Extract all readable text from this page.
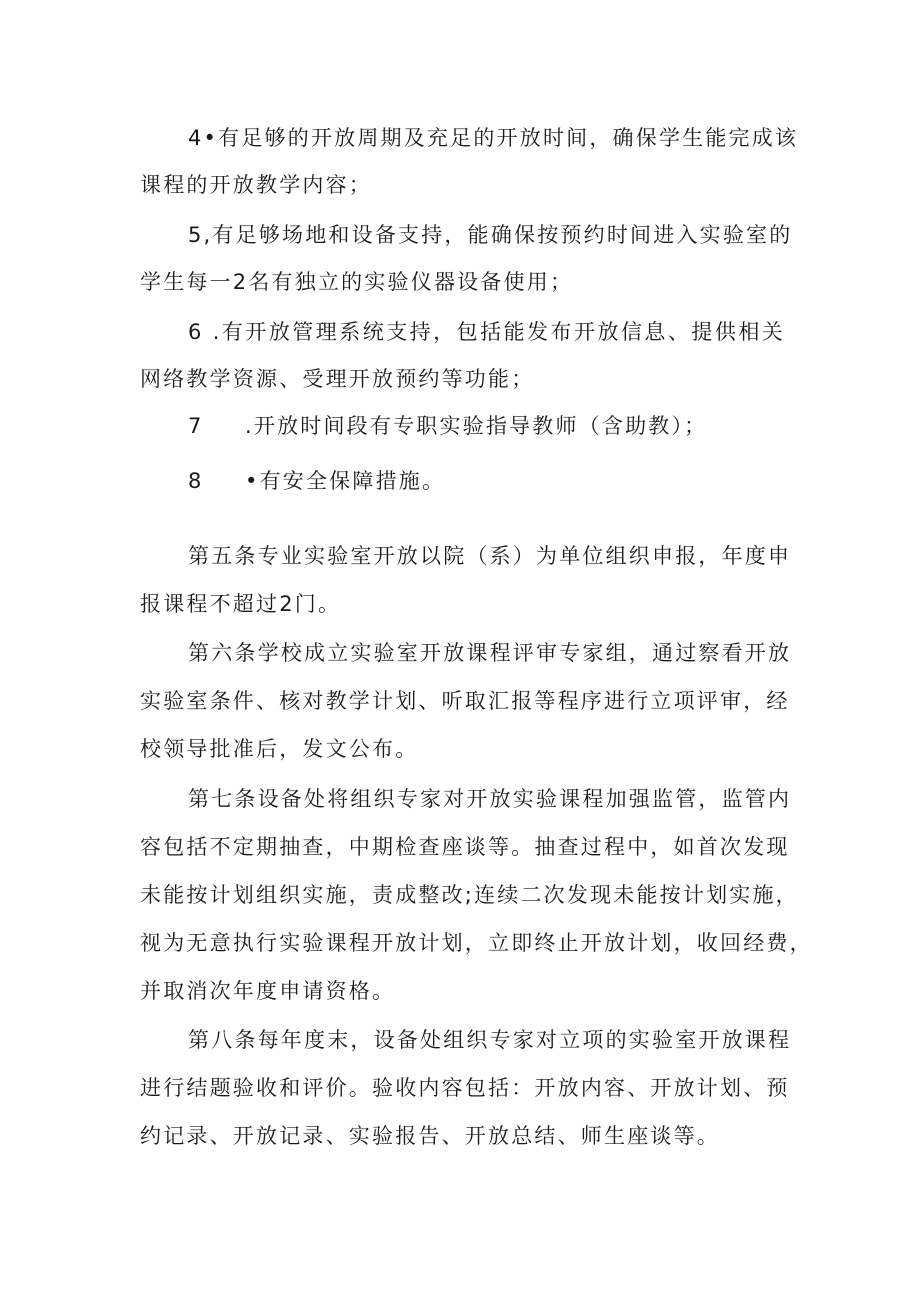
4•有足够的开放周期及充足的开放时间，确保学生能完成该
课程的开放教学内容；
5,有足够场地和设备支持，能确保按预约时间进入实验室的
学生每一2名有独立的实验仪器设备使用；
6 .有开放管理系统支持，包括能发布开放信息、提供相关
网络教学资源、受理开放预约等功能；
7 .开放时间段有专职实验指导教师（含助教）；
8 •有安全保障措施。
第五条专业实验室开放以院（系）为单位组织申报，年度申
报课程不超过2门。
第六条学校成立实验室开放课程评审专家组，通过察看开放
实验室条件、核对教学计划、听取汇报等程序进行立项评审，经
校领导批准后，发文公布。
第七条设备处将组织专家对开放实验课程加强监管，监管内
容包括不定期抽查，中期检查座谈等。抽查过程中，如首次发现
未能按计划组织实施，责成整改;连续二次发现未能按计划实施，
视为无意执行实验课程开放计划，立即终止开放计划，收回经费，
并取消次年度申请资格。
第八条每年度末，设备处组织专家对立项的实验室开放课程
进行结题验收和评价。验收内容包括：开放内容、开放计划、预
约记录、开放记录、实验报告、开放总结、师生座谈等。
